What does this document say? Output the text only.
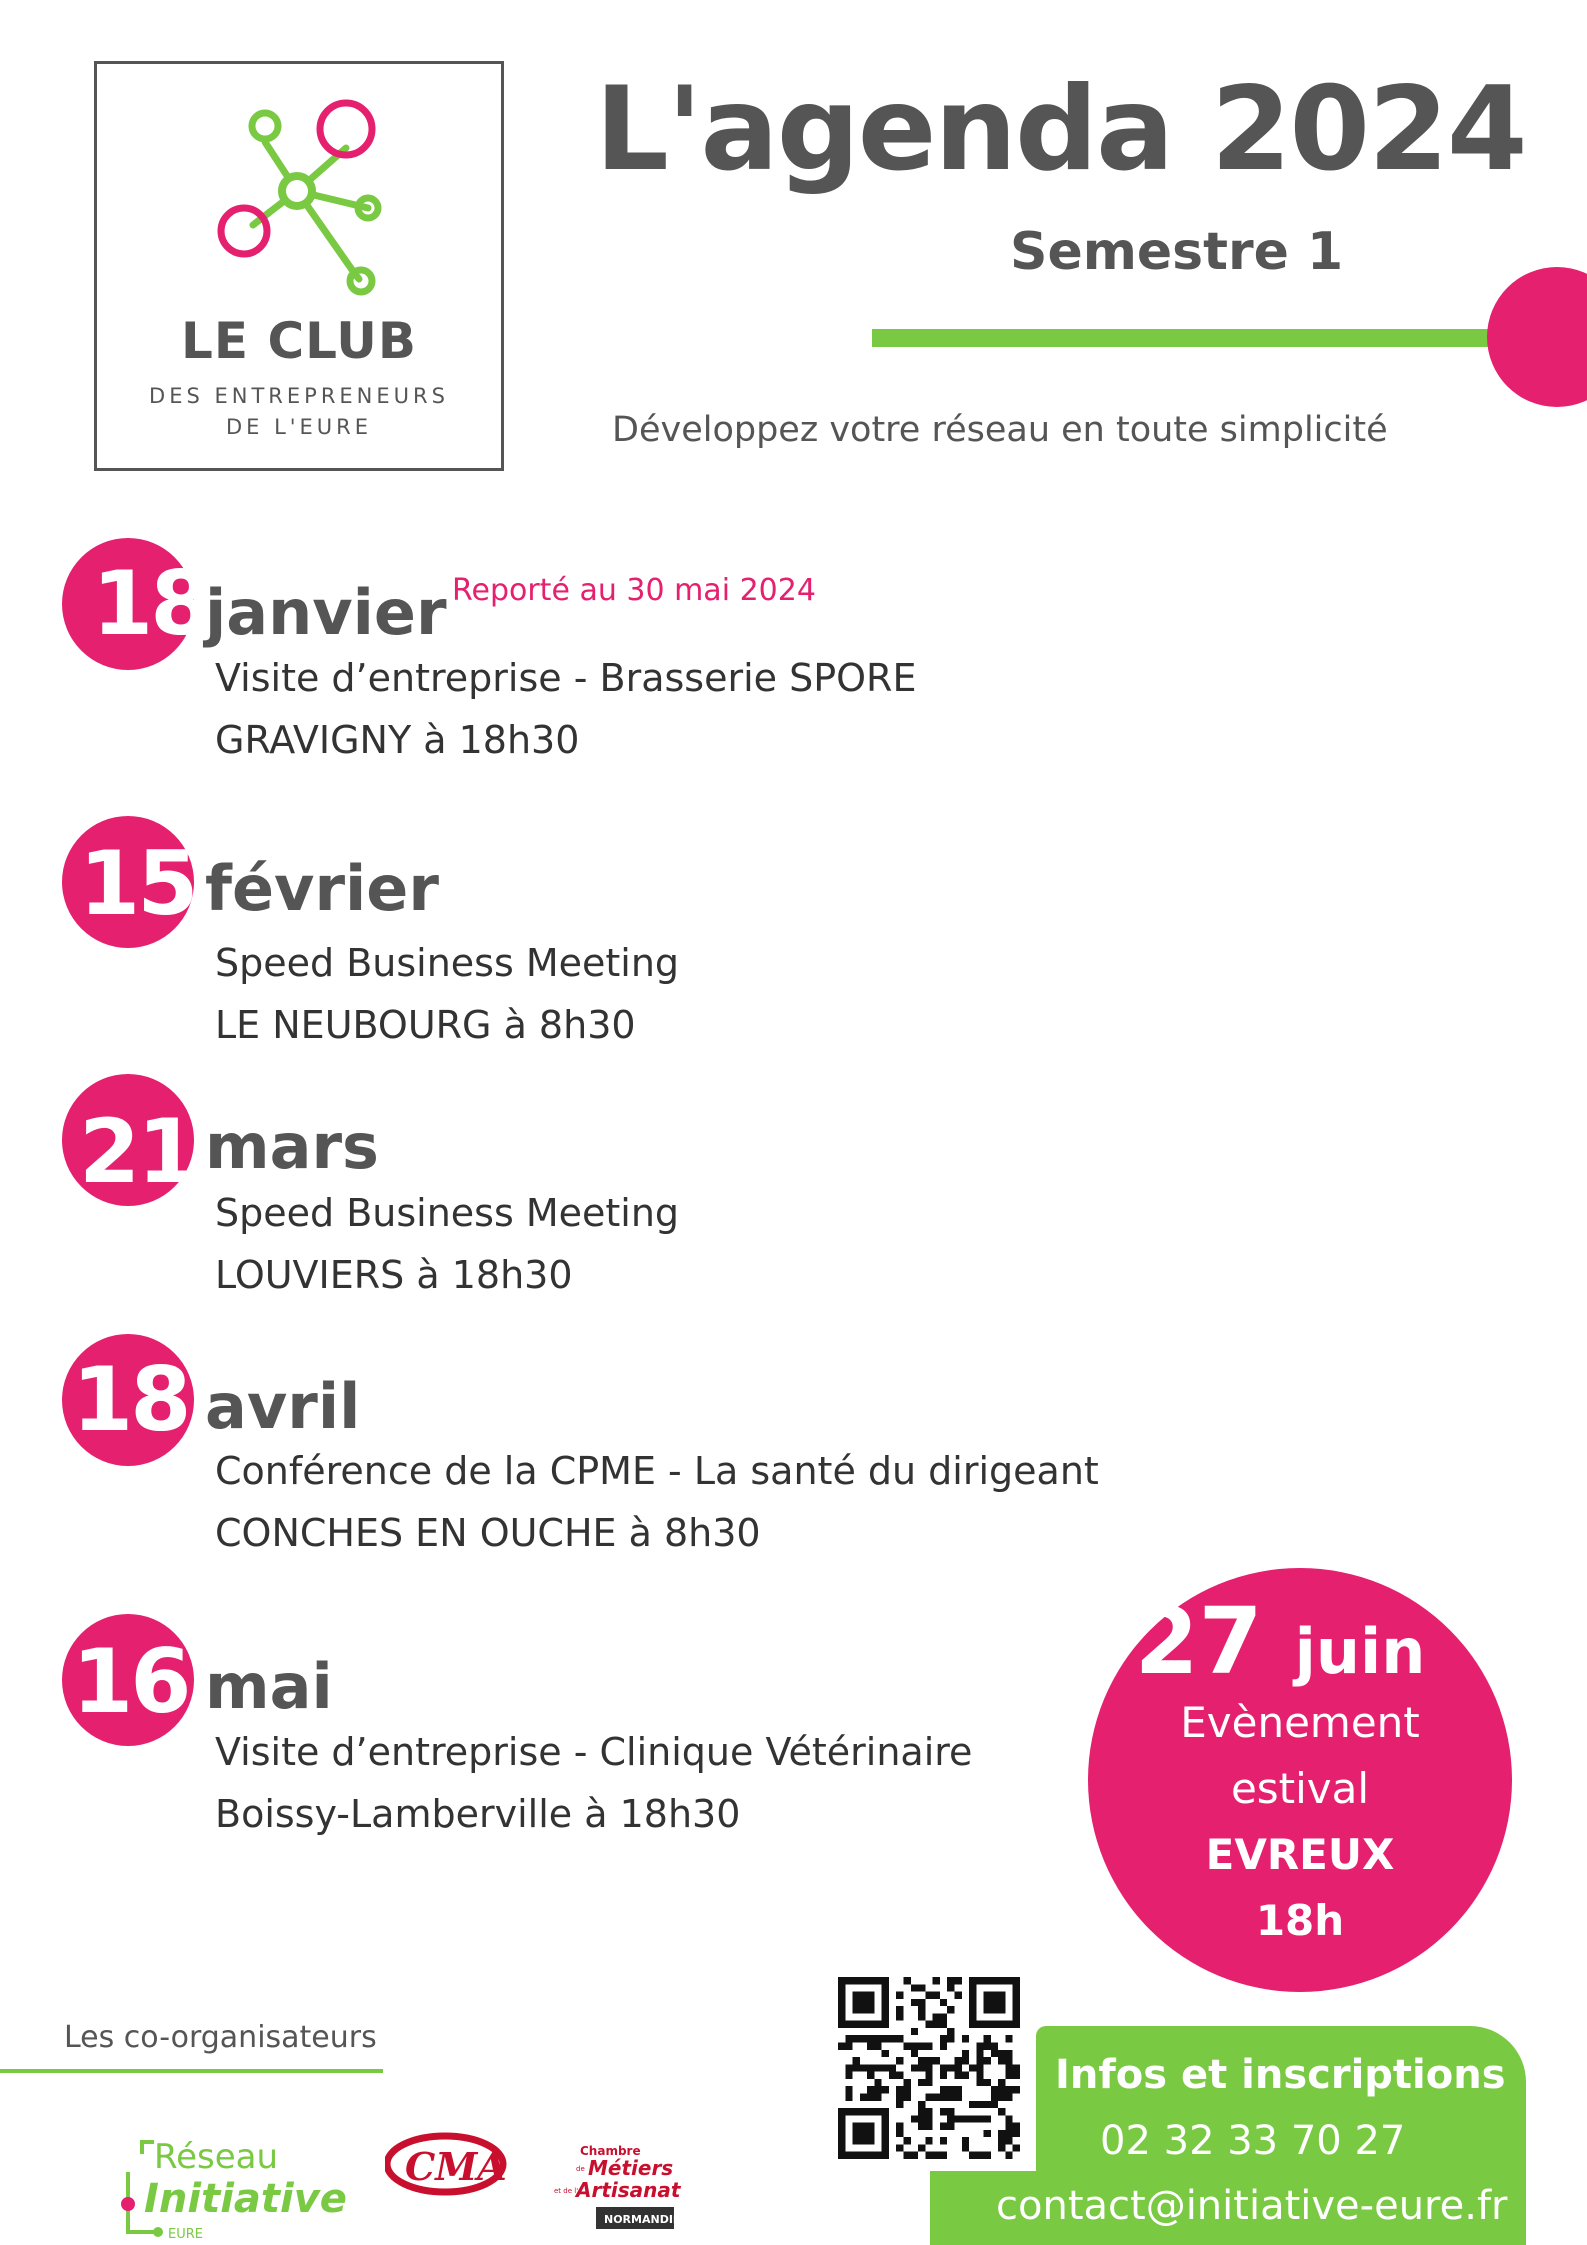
LE CLUB
DES ENTREPRENEURS
DE L'EURE
L'agenda 2024
Semestre 1
Développez votre réseau en toute simplicité
18
janvier
Visite d’entreprise - Brasserie SPORE
GRAVIGNY à 18h30
Reporté au 30 mai 2024
15 février
Speed Business Meeting
LE NEUBOURG à 8h30
21 mars
Speed Business Meeting
LOUVIERS à 18h30
18 avril
Conférence de la CPME - La santé du dirigeant
CONCHES EN OUCHE à 8h30
16 mai
Visite d’entreprise - Clinique Vétérinaire
Boissy-Lamberville à 18h30
27 juin
Evènement
estival
EVREUX
18h
Les co-organisateurs
Réseau
Initiative
EURE
CMA	Chambre
de Métiers
et de l'
Artisanat
NORMANDIE
Infos et inscriptions
02 32 33 70 27
contact@initiative-eure.fr
